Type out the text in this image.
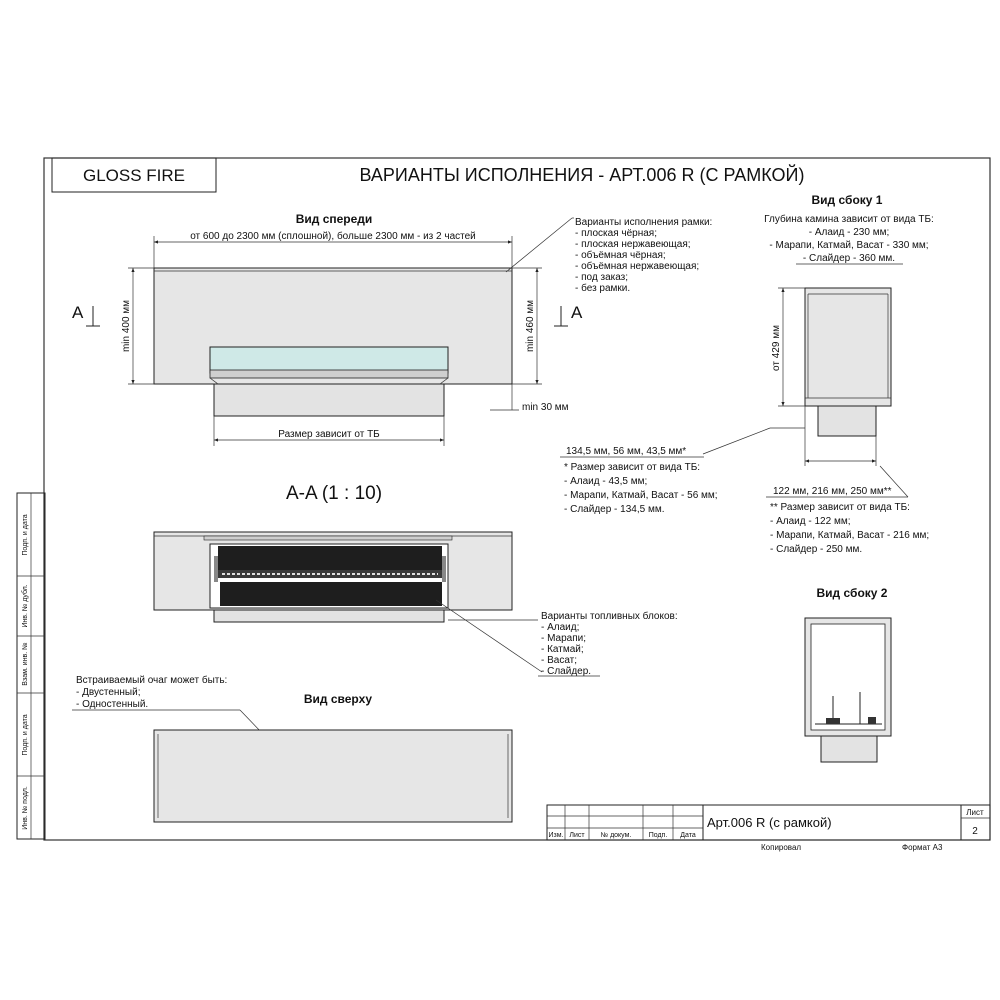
GLOSS FIRE	ВАРИАНТЫ ИСПОЛНЕНИЯ - АРТ.006 R (С РАМКОЙ)
Вид спереди
от 600 до 2300 мм (сплошной), больше 2300 мм - из 2 частей
min 400 мм	min 460 мм
A	A
min 30 мм
Размер зависит от ТБ
Варианты исполнения рамки:
- плоская чёрная;
- плоская нержавеющая;
- объёмная чёрная;
- объёмная нержавеющая;
- под заказ;
- без рамки.
Вид сбоку 1
Глубина камина зависит от вида ТБ:
- Алаид - 230 мм;
- Марапи, Катмай, Васат - 330 мм;
- Слайдер - 360 мм.
от 429 мм
134,5 мм, 56 мм, 43,5 мм*
* Размер зависит от вида ТБ:
- Алаид - 43,5 мм;
- Марапи, Катмай, Васат - 56 мм;
- Слайдер - 134,5 мм.
122 мм, 216 мм, 250 мм**
** Размер зависит от вида ТБ:
- Алаид - 122 мм;
- Марапи, Катмай, Васат - 216 мм;
- Слайдер - 250 мм.
A-A (1 : 10)
Варианты топливных блоков:
- Алаид;
- Марапи;
- Катмай;
- Васат;
- Слайдер.
Вид сбоку 2
Встраиваемый очаг может быть:
- Двустенный;
- Одностенный.	Вид сверху
Подп. и дата
Инв. № дубл.
Взам. инв. №
Подп. и дата
Инв. № подл.
Изм. Лист № докум. Подп. Дата
Арт.006 R (с рамкой)
Лист
2
Копировал	Формат A3
